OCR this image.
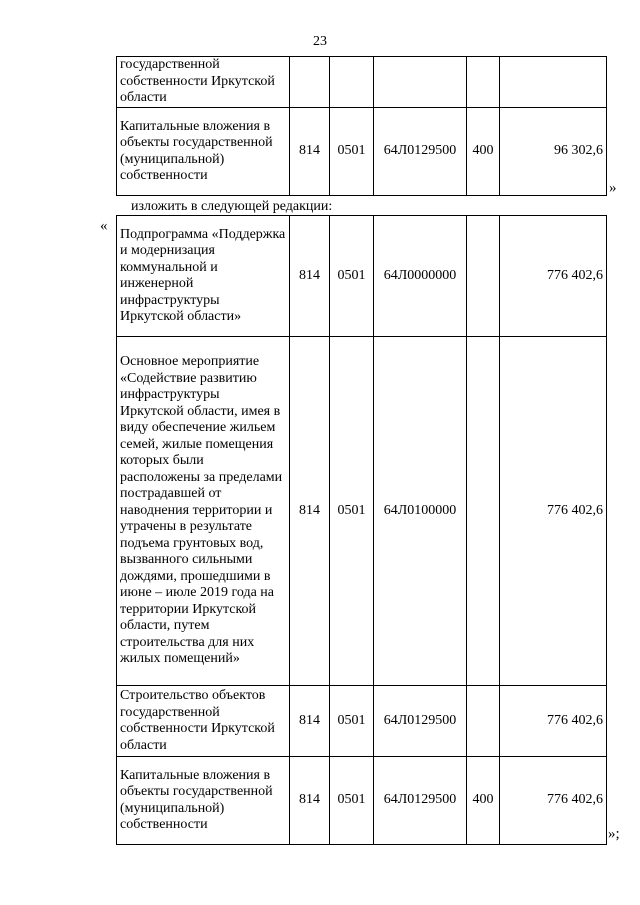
23
государственной собственности Иркутской области					
Капитальные вложения в объекты государственной (муниципальной) собственности	814	0501	64Л0129500	400	96 302,6
»
изложить в следующей редакции:
« Подпрограмма «Поддержка и модернизация коммунальной и инженерной инфраструктуры Иркутской области»	814	0501	64Л0000000		776 402,6
Основное мероприятие «Содействие развитию инфраструктуры Иркутской области, имея в виду обеспечение жильем семей, жилые помещения которых были расположены за пределами пострадавшей от наводнения территории и утрачены в результате подъема грунтовых вод, вызванного сильными дождями, прошедшими в июне – июле 2019 года на территории Иркутской области, путем строительства для них жилых помещений»	814	0501	64Л0100000		776 402,6
Строительство объектов государственной собственности Иркутской области	814	0501	64Л0129500		776 402,6
Капитальные вложения в объекты государственной (муниципальной) собственности	814	0501	64Л0129500	400	776 402,6
»;
